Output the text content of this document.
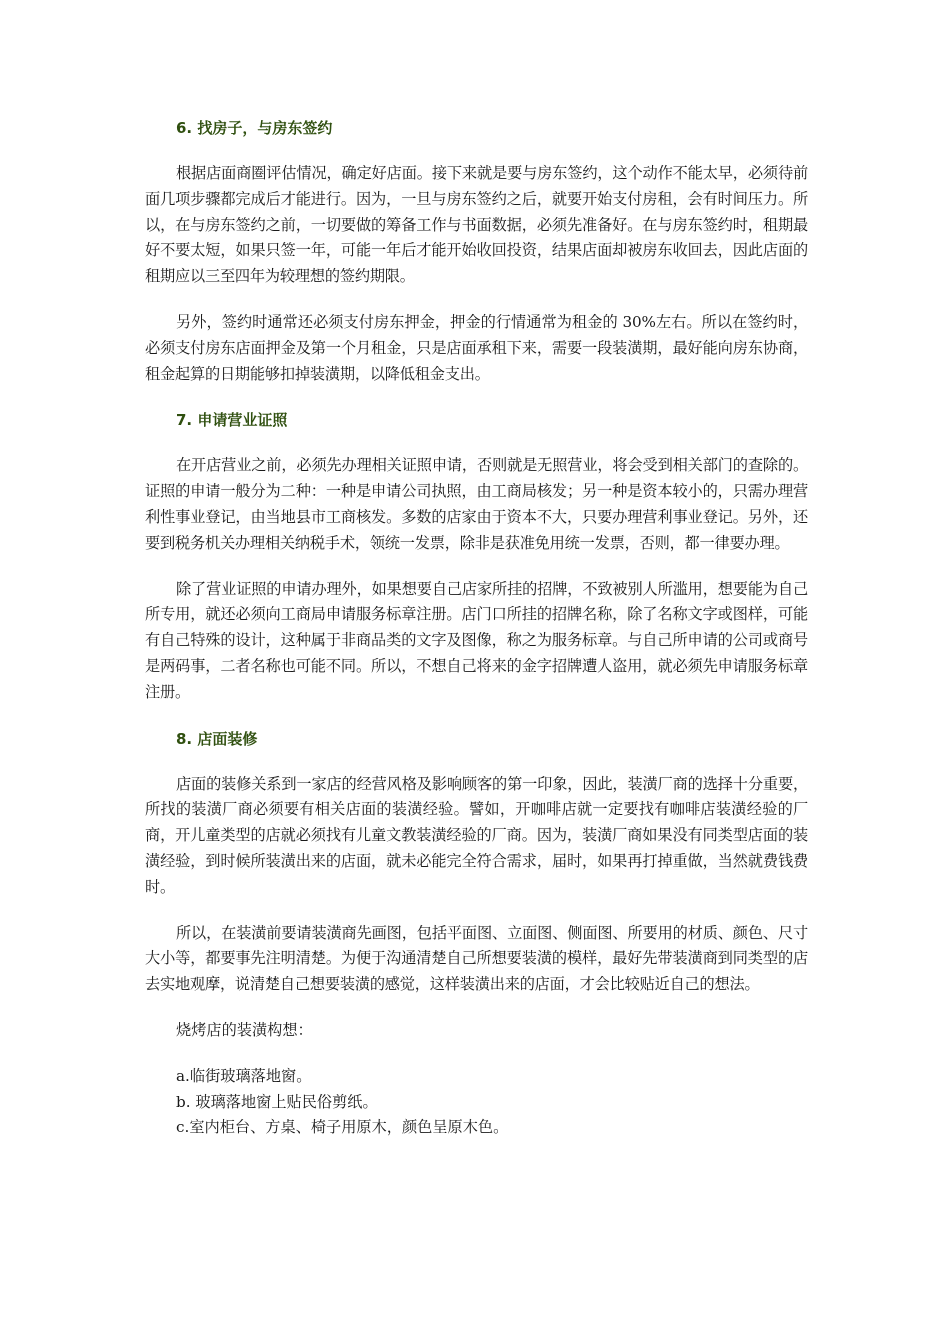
6. 找房子，与房东签约

根据店面商圈评估情况，确定好店面。接下来就是要与房东签约，这个动作不能太早，必须待前面几项步骤都完成后才能进行。因为，一旦与房东签约之后，就要开始支付房租，会有时间压力。所以，在与房东签约之前，一切要做的筹备工作与书面数据，必须先准备好。在与房东签约时，租期最好不要太短，如果只签一年，可能一年后才能开始收回投资，结果店面却被房东收回去，因此店面的租期应以三至四年为较理想的签约期限。

另外，签约时通常还必须支付房东押金，押金的行情通常为租金的 30%左右。所以在签约时，必须支付房东店面押金及第一个月租金，只是店面承租下来，需要一段装潢期，最好能向房东协商，租金起算的日期能够扣掉装潢期，以降低租金支出。

7. 申请营业证照

在开店营业之前，必须先办理相关证照申请，否则就是无照营业，将会受到相关部门的查除的。证照的申请一般分为二种：一种是申请公司执照，由工商局核发；另一种是资本较小的，只需办理营利性事业登记，由当地县市工商核发。多数的店家由于资本不大，只要办理营利事业登记。另外，还要到税务机关办理相关纳税手术，领统一发票，除非是获准免用统一发票，否则，都一律要办理。

除了营业证照的申请办理外，如果想要自己店家所挂的招牌，不致被别人所滥用，想要能为自己所专用，就还必须向工商局申请服务标章注册。店门口所挂的招牌名称，除了名称文字或图样，可能有自己特殊的设计，这种属于非商品类的文字及图像，称之为服务标章。与自己所申请的公司或商号是两码事，二者名称也可能不同。所以，不想自己将来的金字招牌遭人盗用，就必须先申请服务标章注册。

8. 店面装修

店面的装修关系到一家店的经营风格及影响顾客的第一印象，因此，装潢厂商的选择十分重要，所找的装潢厂商必须要有相关店面的装潢经验。譬如，开咖啡店就一定要找有咖啡店装潢经验的厂商，开儿童类型的店就必须找有儿童文教装潢经验的厂商。因为，装潢厂商如果没有同类型店面的装潢经验，到时候所装潢出来的店面，就未必能完全符合需求，届时，如果再打掉重做，当然就费钱费时。

所以，在装潢前要请装潢商先画图，包括平面图、立面图、侧面图、所要用的材质、颜色、尺寸大小等，都要事先注明清楚。为便于沟通清楚自己所想要装潢的模样，最好先带装潢商到同类型的店去实地观摩，说清楚自己想要装潢的感觉，这样装潢出来的店面，才会比较贴近自己的想法。

烧烤店的装潢构想：

a.临街玻璃落地窗。
b. 玻璃落地窗上贴民俗剪纸。
c.室内柜台、方桌、椅子用原木，颜色呈原木色。
